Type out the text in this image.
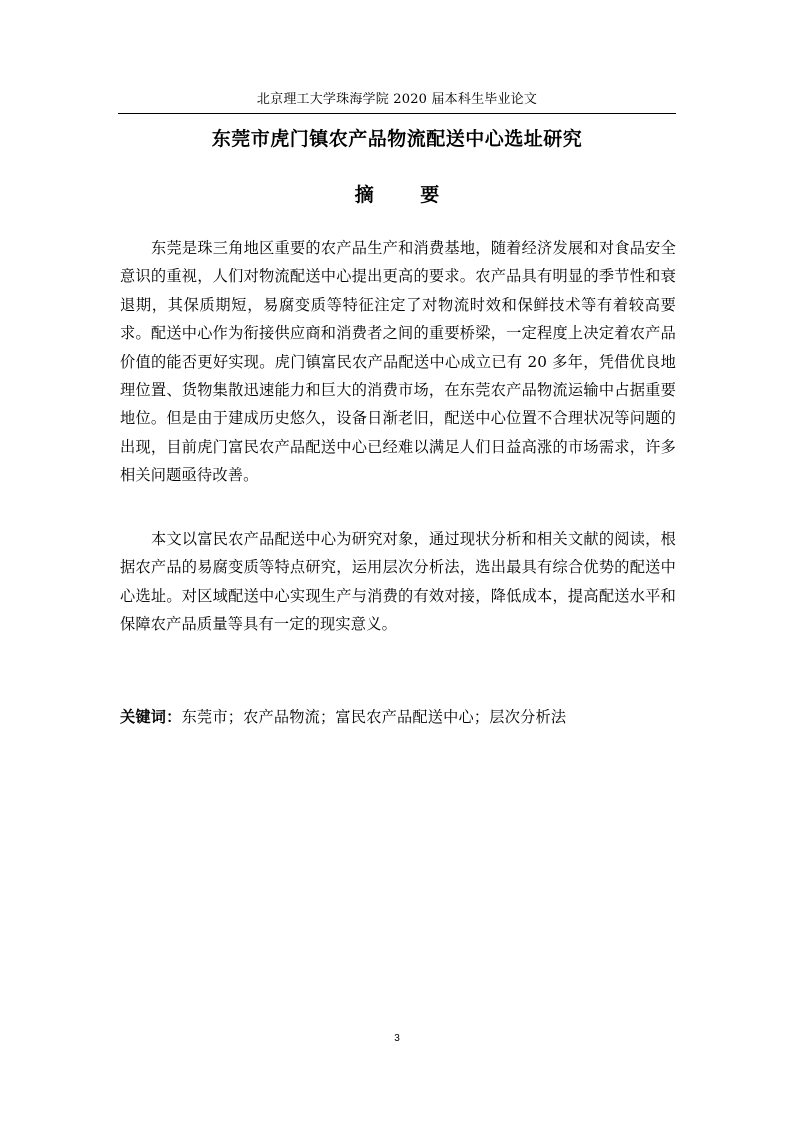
北京理工大学珠海学院 2020 届本科生毕业论文
东莞市虎门镇农产品物流配送中心选址研究
摘 要

东莞是珠三角地区重要的农产品生产和消费基地，随着经济发展和对食品安全意识的重视，人们对物流配送中心提出更高的要求。农产品具有明显的季节性和衰退期，其保质期短，易腐变质等特征注定了对物流时效和保鲜技术等有着较高要求。配送中心作为衔接供应商和消费者之间的重要桥梁，一定程度上决定着农产品价值的能否更好实现。虎门镇富民农产品配送中心成立已有 20 多年，凭借优良地理位置、货物集散迅速能力和巨大的消费市场，在东莞农产品物流运输中占据重要地位。但是由于建成历史悠久，设备日渐老旧，配送中心位置不合理状况等问题的出现，目前虎门富民农产品配送中心已经难以满足人们日益高涨的市场需求，许多相关问题亟待改善。

本文以富民农产品配送中心为研究对象，通过现状分析和相关文献的阅读，根据农产品的易腐变质等特点研究，运用层次分析法，选出最具有综合优势的配送中心选址。对区域配送中心实现生产与消费的有效对接，降低成本，提高配送水平和保障农产品质量等具有一定的现实意义。

关键词：东莞市；农产品物流；富民农产品配送中心；层次分析法
3
